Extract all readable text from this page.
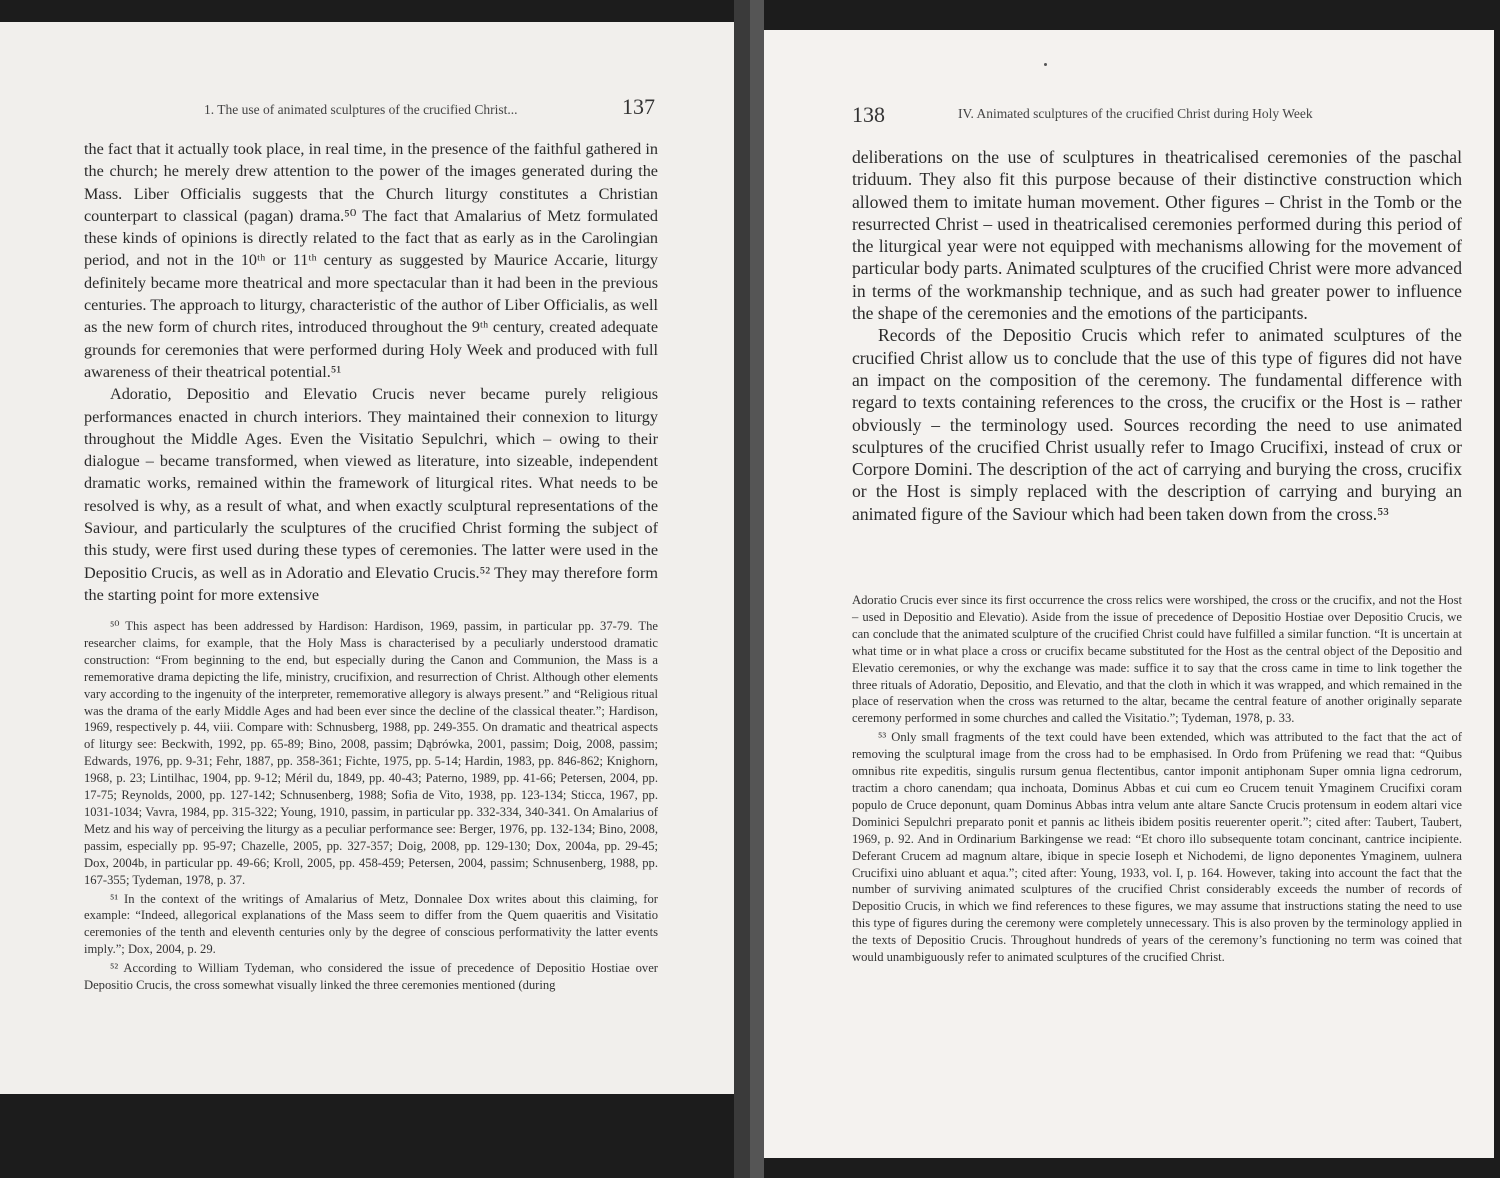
1. The use of animated sculptures of the crucified Christ...	137

the fact that it actually took place, in real time, in the presence of the faithful gathered in the church; he merely drew attention to the power of the images generated during the Mass. Liber Officialis suggests that the Church liturgy constitutes a Christian counterpart to classical (pagan) drama.⁵⁰ The fact that Amalarius of Metz formulated these kinds of opinions is directly related to the fact that as early as in the Carolingian period, and not in the 10ᵗʰ or 11ᵗʰ century as suggested by Maurice Accarie, liturgy definitely became more theatrical and more spectacular than it had been in the previous centuries. The approach to liturgy, characteristic of the author of Liber Officialis, as well as the new form of church rites, introduced throughout the 9ᵗʰ century, created adequate grounds for ceremonies that were performed during Holy Week and produced with full awareness of their theatrical potential.⁵¹

Adoratio, Depositio and Elevatio Crucis never became purely religious performances enacted in church interiors. They maintained their connexion to liturgy throughout the Middle Ages. Even the Visitatio Sepulchri, which – owing to their dialogue – became transformed, when viewed as literature, into sizeable, independent dramatic works, remained within the framework of liturgical rites. What needs to be resolved is why, as a result of what, and when exactly sculptural representations of the Saviour, and particularly the sculptures of the crucified Christ forming the subject of this study, were first used during these types of ceremonies. The latter were used in the Depositio Crucis, as well as in Adoratio and Elevatio Crucis.⁵² They may therefore form the starting point for more extensive

⁵⁰ This aspect has been addressed by Hardison: Hardison, 1969, passim, in particular pp. 37-79. The researcher claims, for example, that the Holy Mass is characterised by a peculiarly understood dramatic construction: “From beginning to the end, but especially during the Canon and Communion, the Mass is a rememorative drama depicting the life, ministry, crucifixion, and resurrection of Christ. Although other elements vary according to the ingenuity of the interpreter, rememorative allegory is always present.” and “Religious ritual was the drama of the early Middle Ages and had been ever since the decline of the classical theater.”; Hardison, 1969, respectively p. 44, viii. Compare with: Schnusberg, 1988, pp. 249-355. On dramatic and theatrical aspects of liturgy see: Beckwith, 1992, pp. 65-89; Bino, 2008, passim; Dąbrówka, 2001, passim; Doig, 2008, passim; Edwards, 1976, pp. 9-31; Fehr, 1887, pp. 358-361; Fichte, 1975, pp. 5-14; Hardin, 1983, pp. 846-862; Knighorn, 1968, p. 23; Lintilhac, 1904, pp. 9-12; Méril du, 1849, pp. 40-43; Paterno, 1989, pp. 41-66; Petersen, 2004, pp. 17-75; Reynolds, 2000, pp. 127-142; Schnusenberg, 1988; Sofia de Vito, 1938, pp. 123-134; Sticca, 1967, pp. 1031-1034; Vavra, 1984, pp. 315-322; Young, 1910, passim, in particular pp. 332-334, 340-341. On Amalarius of Metz and his way of perceiving the liturgy as a peculiar performance see: Berger, 1976, pp. 132-134; Bino, 2008, passim, especially pp. 95-97; Chazelle, 2005, pp. 327-357; Doig, 2008, pp. 129-130; Dox, 2004a, pp. 29-45; Dox, 2004b, in particular pp. 49-66; Kroll, 2005, pp. 458-459; Petersen, 2004, passim; Schnusenberg, 1988, pp. 167-355; Tydeman, 1978, p. 37.

⁵¹ In the context of the writings of Amalarius of Metz, Donnalee Dox writes about this claiming, for example: “Indeed, allegorical explanations of the Mass seem to differ from the Quem quaeritis and Visitatio ceremonies of the tenth and eleventh centuries only by the degree of conscious performativity the latter events imply.”; Dox, 2004, p. 29.

⁵² According to William Tydeman, who considered the issue of precedence of Depositio Hostiae over Depositio Crucis, the cross somewhat visually linked the three ceremonies mentioned (during

138	IV. Animated sculptures of the crucified Christ during Holy Week

deliberations on the use of sculptures in theatricalised ceremonies of the paschal triduum. They also fit this purpose because of their distinctive construction which allowed them to imitate human movement. Other figures – Christ in the Tomb or the resurrected Christ – used in theatricalised ceremonies performed during this period of the liturgical year were not equipped with mechanisms allowing for the movement of particular body parts. Animated sculptures of the crucified Christ were more advanced in terms of the workmanship technique, and as such had greater power to influence the shape of the ceremonies and the emotions of the participants.

Records of the Depositio Crucis which refer to animated sculptures of the crucified Christ allow us to conclude that the use of this type of figures did not have an impact on the composition of the ceremony. The fundamental difference with regard to texts containing references to the cross, the crucifix or the Host is – rather obviously – the terminology used. Sources recording the need to use animated sculptures of the crucified Christ usually refer to Imago Crucifixi, instead of crux or Corpore Domini. The description of the act of carrying and burying the cross, crucifix or the Host is simply replaced with the description of carrying and burying an animated figure of the Saviour which had been taken down from the cross.⁵³

Adoratio Crucis ever since its first occurrence the cross relics were worshiped, the cross or the crucifix, and not the Host – used in Depositio and Elevatio). Aside from the issue of precedence of Depositio Hostiae over Depositio Crucis, we can conclude that the animated sculpture of the crucified Christ could have fulfilled a similar function. “It is uncertain at what time or in what place a cross or crucifix became substituted for the Host as the central object of the Depositio and Elevatio ceremonies, or why the exchange was made: suffice it to say that the cross came in time to link together the three rituals of Adoratio, Depositio, and Elevatio, and that the cloth in which it was wrapped, and which remained in the place of reservation when the cross was returned to the altar, became the central feature of another originally separate ceremony performed in some churches and called the Visitatio.”; Tydeman, 1978, p. 33.

⁵³ Only small fragments of the text could have been extended, which was attributed to the fact that the act of removing the sculptural image from the cross had to be emphasised. In Ordo from Prüfening we read that: “Quibus omnibus rite expeditis, singulis rursum genua flectentibus, cantor imponit antiphonam Super omnia ligna cedrorum, tractim a choro canendam; qua inchoata, Dominus Abbas et cui cum eo Crucem tenuit Ymaginem Crucifixi coram populo de Cruce deponunt, quam Dominus Abbas intra velum ante altare Sancte Crucis protensum in eodem altari vice Dominici Sepulchri preparato ponit et pannis ac litheis ibidem positis reuerenter operit.”; cited after: Taubert, Taubert, 1969, p. 92. And in Ordinarium Barkingense we read: “Et choro illo subsequente totam concinant, cantrice incipiente. Deferant Crucem ad magnum altare, ibique in specie Ioseph et Nichodemi, de ligno deponentes Ymaginem, uulnera Crucifixi uino abluant et aqua.”; cited after: Young, 1933, vol. I, p. 164. However, taking into account the fact that the number of surviving animated sculptures of the crucified Christ considerably exceeds the number of records of Depositio Crucis, in which we find references to these figures, we may assume that instructions stating the need to use this type of figures during the ceremony were completely unnecessary. This is also proven by the terminology applied in the texts of Depositio Crucis. Throughout hundreds of years of the ceremony’s functioning no term was coined that would unambiguously refer to animated sculptures of the crucified Christ.
